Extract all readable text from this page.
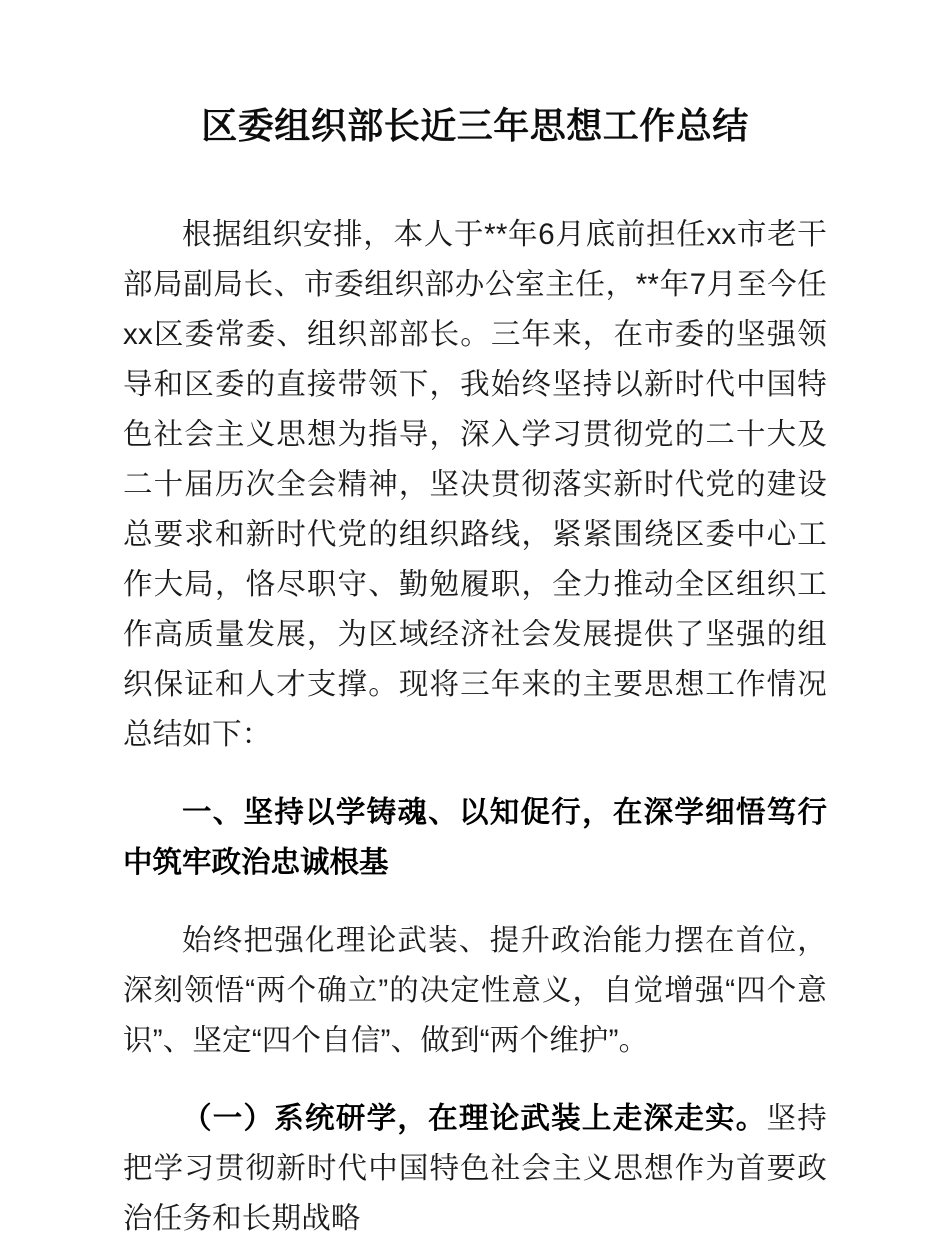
区委组织部长近三年思想工作总结

根据组织安排，本人于**年6月底前担任xx市老干部局副局长、市委组织部办公室主任，**年7月至今任xx区委常委、组织部部长。三年来，在市委的坚强领导和区委的直接带领下，我始终坚持以新时代中国特色社会主义思想为指导，深入学习贯彻党的二十大及二十届历次全会精神，坚决贯彻落实新时代党的建设总要求和新时代党的组织路线，紧紧围绕区委中心工作大局，恪尽职守、勤勉履职，全力推动全区组织工作高质量发展，为区域经济社会发展提供了坚强的组织保证和人才支撑。现将三年来的主要思想工作情况总结如下：

一、坚持以学铸魂、以知促行，在深学细悟笃行中筑牢政治忠诚根基

始终把强化理论武装、提升政治能力摆在首位，深刻领悟“两个确立”的决定性意义，自觉增强“四个意识”、坚定“四个自信”、做到“两个维护”。

（一）系统研学，在理论武装上走深走实。坚持把学习贯彻新时代中国特色社会主义思想作为首要政治任务和长期战略
